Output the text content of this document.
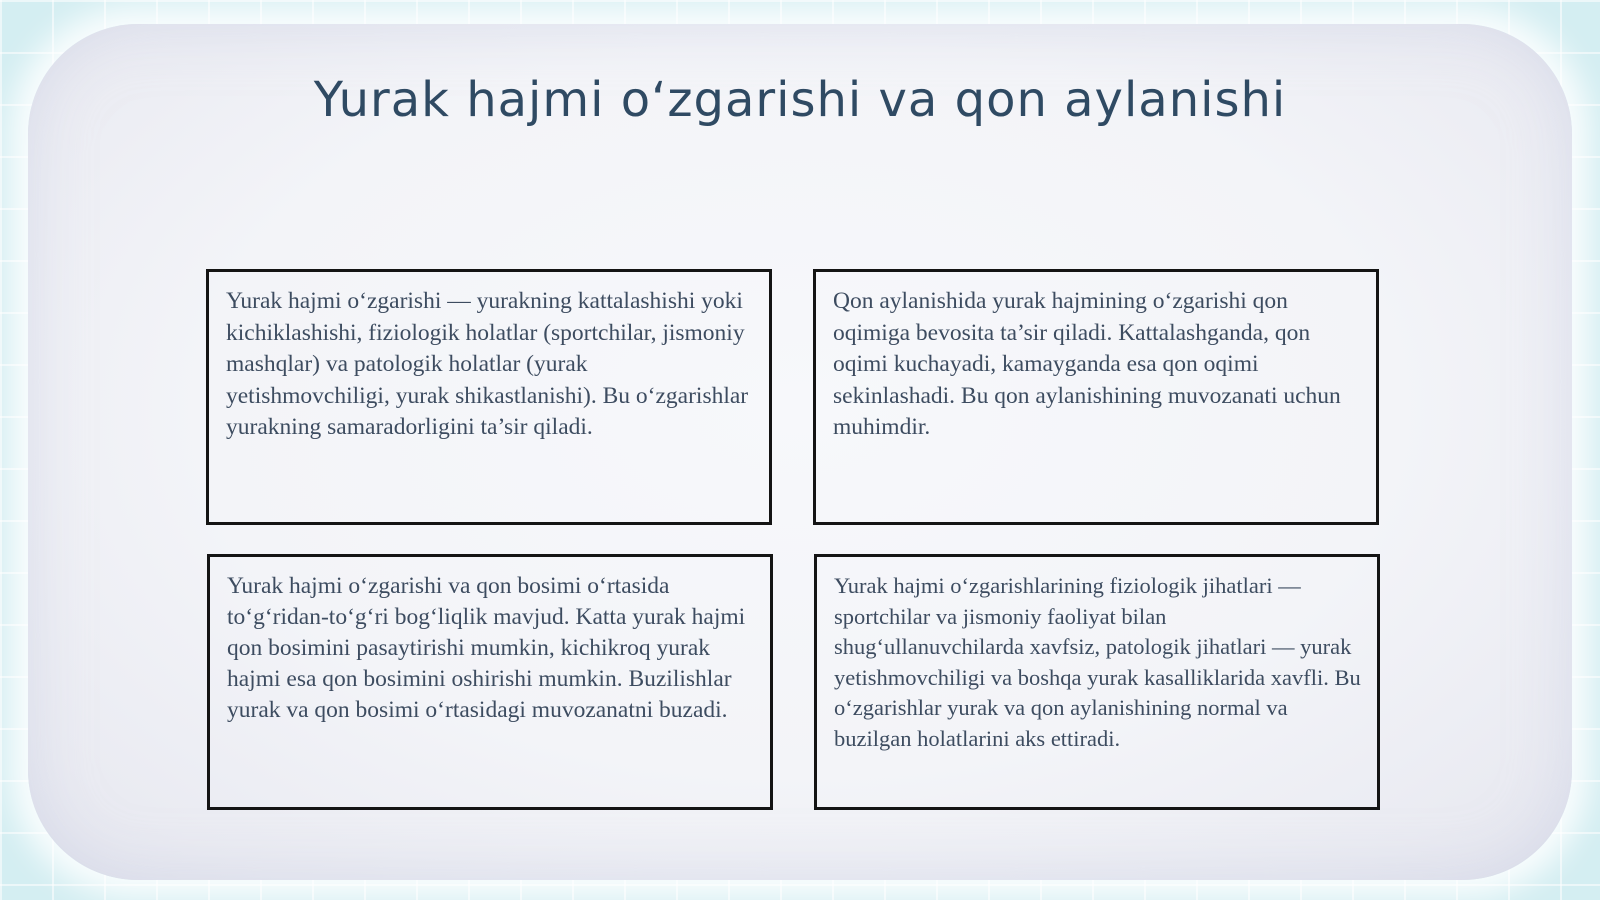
Yurak hajmi o‘zgarishi va qon aylanishi
Yurak hajmi o‘zgarishi — yurakning kattalashishi yoki kichiklashishi, fiziologik holatlar (sportchilar, jismoniy mashqlar) va patologik holatlar (yurak yetishmovchiligi, yurak shikastlanishi). Bu o‘zgarishlar yurakning samaradorligini ta’sir qiladi.
Qon aylanishida yurak hajmining o‘zgarishi qon oqimiga bevosita ta’sir qiladi. Kattalashganda, qon oqimi kuchayadi, kamayganda esa qon oqimi sekinlashadi. Bu qon aylanishining muvozanati uchun muhimdir.
Yurak hajmi o‘zgarishi va qon bosimi o‘rtasida to‘g‘ridan-to‘g‘ri bog‘liqlik mavjud. Katta yurak hajmi qon bosimini pasaytirishi mumkin, kichikroq yurak hajmi esa qon bosimini oshirishi mumkin. Buzilishlar yurak va qon bosimi o‘rtasidagi muvozanatni buzadi.
Yurak hajmi o‘zgarishlarining fiziologik jihatlari — sportchilar va jismoniy faoliyat bilan shug‘ullanuvchilarda xavfsiz, patologik jihatlari — yurak yetishmovchiligi va boshqa yurak kasalliklarida xavfli. Bu o‘zgarishlar yurak va qon aylanishining normal va buzilgan holatlarini aks ettiradi.
